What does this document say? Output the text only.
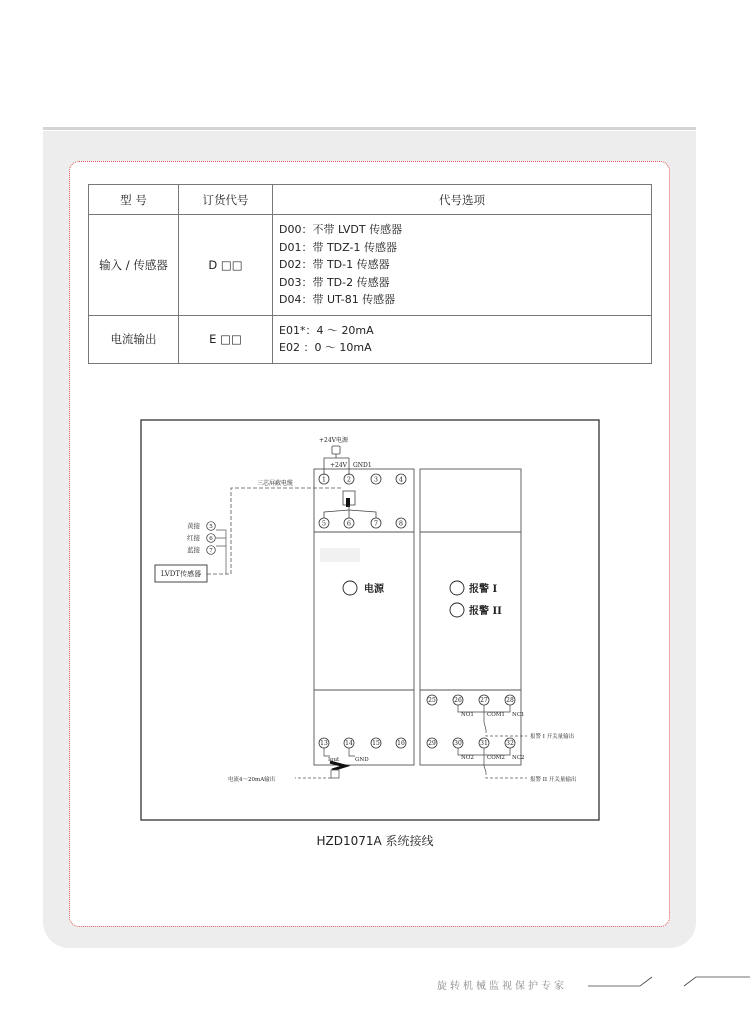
型 号	订货代号	代号选项
输入 / 传感器	D □□	D00：不带 LVDT 传感器
D01：带 TDZ-1 传感器
D02：带 TD-1 传感器
D03：带 TD-2 传感器
D04：带 UT-81 传感器

电流输出	E □□	E01*：4 ～ 20mA
E02 ：0 ～ 10mA
+24V电源
+24V GND1
1	2	3	4
5	6	7	8
三芯屏蔽电缆
黄接
红接
蓝接
5
6
7
LVDT传感器
电源	报警 I
报警 II
25	26	27	28
NO1 COM1 NC1
报警 I 开关量输出
29	30	31	32
NO2 COM2 NC2
报警 II 开关量输出
13	14	15	16
Iout	GND
电流4～20mA输出
HZD1071A 系统接线
旋转机械监视保护专家
